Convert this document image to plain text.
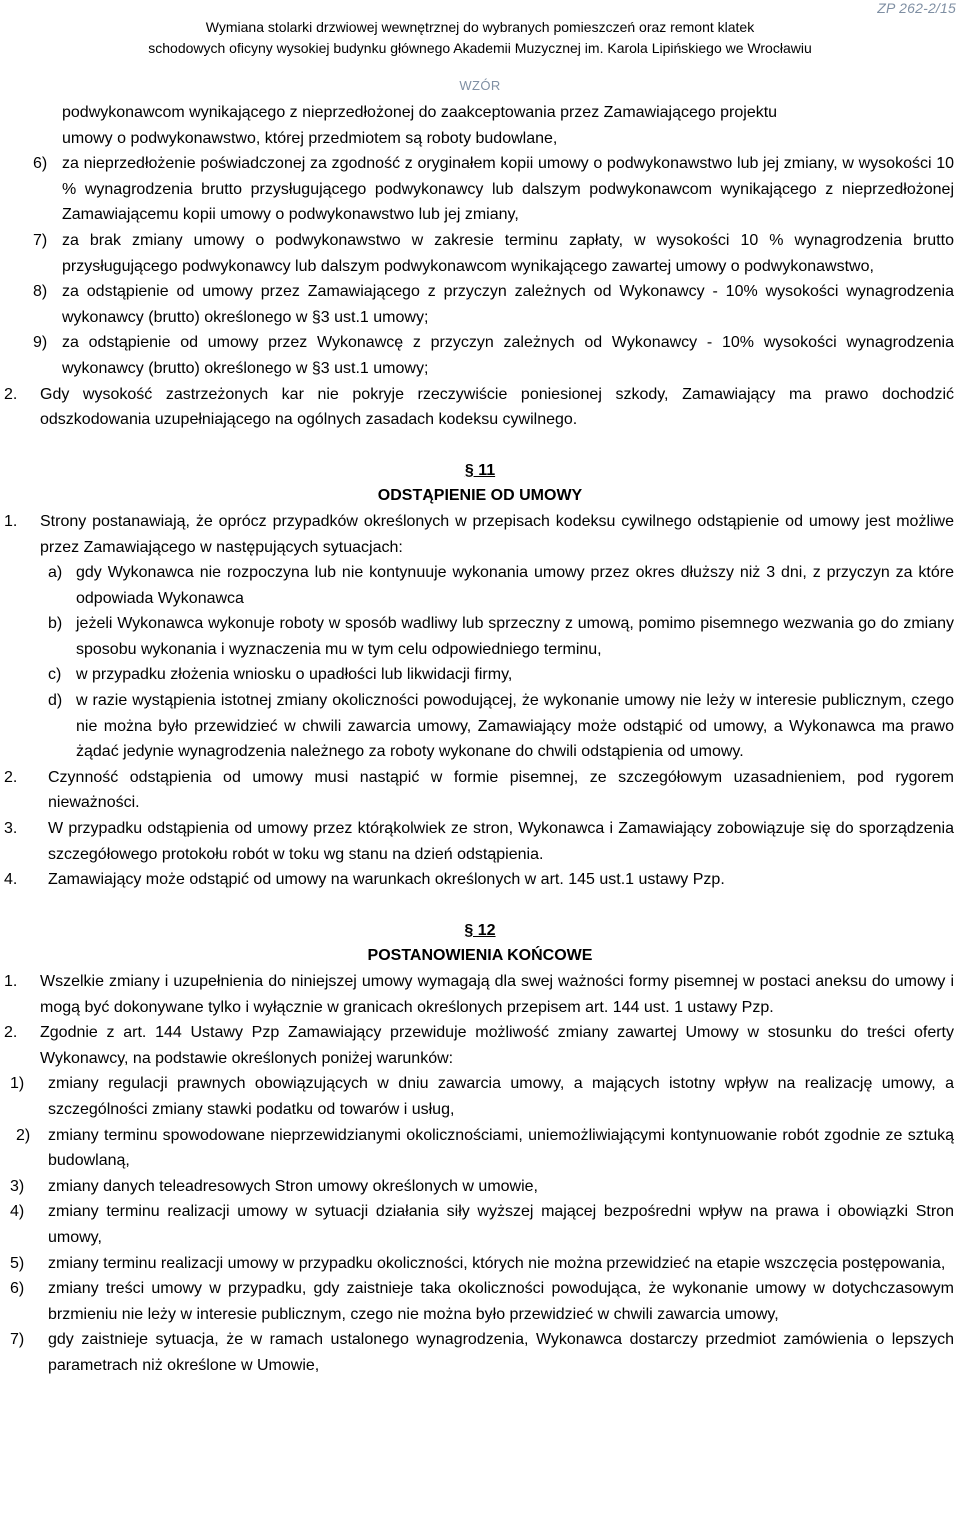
ZP 262-2/15
Wymiana stolarki drzwiowej wewnętrznej do wybranych pomieszczeń oraz remont klatek
schodowych oficyny wysokiej budynku głównego Akademii Muzycznej im. Karola Lipińskiego we Wrocławiu
WZÓR
podwykonawcom wynikającego z nieprzedłożonej do zaakceptowania przez Zamawiającego projektu
umowy o podwykonawstwo, której przedmiotem są roboty budowlane,
6) za nieprzedłożenie poświadczonej za zgodność z oryginałem kopii umowy o podwykonawstwo lub jej zmiany, w wysokości 10 % wynagrodzenia brutto przysługującego podwykonawcy lub dalszym podwykonawcom wynikającego z nieprzedłożonej Zamawiającemu kopii umowy o podwykonawstwo lub jej zmiany,
7) za brak zmiany umowy o podwykonawstwo w zakresie terminu zapłaty, w wysokości 10 % wynagrodzenia brutto przysługującego podwykonawcy lub dalszym podwykonawcom wynikającego zawartej umowy o podwykonawstwo,
8) za odstąpienie od umowy przez Zamawiającego z przyczyn zależnych od Wykonawcy - 10% wysokości wynagrodzenia wykonawcy (brutto) określonego w §3 ust.1 umowy;
9) za odstąpienie od umowy przez Wykonawcę z przyczyn zależnych od Wykonawcy - 10% wysokości wynagrodzenia wykonawcy (brutto) określonego w §3 ust.1 umowy;
2. Gdy wysokość zastrzeżonych kar nie pokryje rzeczywiście poniesionej szkody, Zamawiający ma prawo dochodzić odszkodowania uzupełniającego na ogólnych zasadach kodeksu cywilnego.
§ 11
ODSTĄPIENIE OD UMOWY
1. Strony postanawiają, że oprócz przypadków określonych w przepisach kodeksu cywilnego odstąpienie od umowy jest możliwe przez Zamawiającego w następujących sytuacjach:
a) gdy Wykonawca nie rozpoczyna lub nie kontynuuje wykonania umowy przez okres dłuższy niż 3 dni, z przyczyn za które odpowiada Wykonawca
b) jeżeli Wykonawca wykonuje roboty w sposób wadliwy lub sprzeczny z umową, pomimo pisemnego wezwania go do zmiany sposobu wykonania i wyznaczenia mu w tym celu odpowiedniego terminu,
c) w przypadku złożenia wniosku o upadłości lub likwidacji firmy,
d) w razie wystąpienia istotnej zmiany okoliczności powodującej, że wykonanie umowy nie leży w interesie publicznym, czego nie można było przewidzieć w chwili zawarcia umowy, Zamawiający może odstąpić od umowy, a Wykonawca ma prawo żądać jedynie wynagrodzenia należnego za roboty wykonane do chwili odstąpienia od umowy.
2. Czynność odstąpienia od umowy musi nastąpić w formie pisemnej, ze szczegółowym uzasadnieniem, pod rygorem nieważności.
3. W przypadku odstąpienia od umowy przez którąkolwiek ze stron, Wykonawca i Zamawiający zobowiązuje się do sporządzenia szczegółowego protokołu robót w toku wg stanu na dzień odstąpienia.
4. Zamawiający może odstąpić od umowy na warunkach określonych w art. 145 ust.1 ustawy Pzp.
§ 12
POSTANOWIENIA KOŃCOWE
1. Wszelkie zmiany i uzupełnienia do niniejszej umowy wymagają dla swej ważności formy pisemnej w postaci aneksu do umowy i mogą być dokonywane tylko i wyłącznie w granicach określonych przepisem art. 144 ust. 1 ustawy Pzp.
2. Zgodnie z art. 144 Ustawy Pzp Zamawiający przewiduje możliwość zmiany zawartej Umowy w stosunku do treści oferty Wykonawcy, na podstawie określonych poniżej warunków:
1) zmiany regulacji prawnych obowiązujących w dniu zawarcia umowy, a mających istotny wpływ na realizację umowy, a szczególności zmiany stawki podatku od towarów i usług,
2) zmiany terminu spowodowane nieprzewidzianymi okolicznościami, uniemożliwiającymi kontynuowanie robót zgodnie ze sztuką budowlaną,
3) zmiany danych teleadresowych Stron umowy określonych w umowie,
4) zmiany terminu realizacji umowy w sytuacji działania siły wyższej mającej bezpośredni wpływ na prawa i obowiązki Stron umowy,
5) zmiany terminu realizacji umowy w przypadku okoliczności, których nie można przewidzieć na etapie wszczęcia postępowania,
6) zmiany treści umowy w przypadku, gdy zaistnieje taka okoliczności powodująca, że wykonanie umowy w dotychczasowym brzmieniu nie leży w interesie publicznym, czego nie można było przewidzieć w chwili zawarcia umowy,
7) gdy zaistnieje sytuacja, że w ramach ustalonego wynagrodzenia, Wykonawca dostarczy przedmiot zamówienia o lepszych parametrach niż określone w Umowie,
